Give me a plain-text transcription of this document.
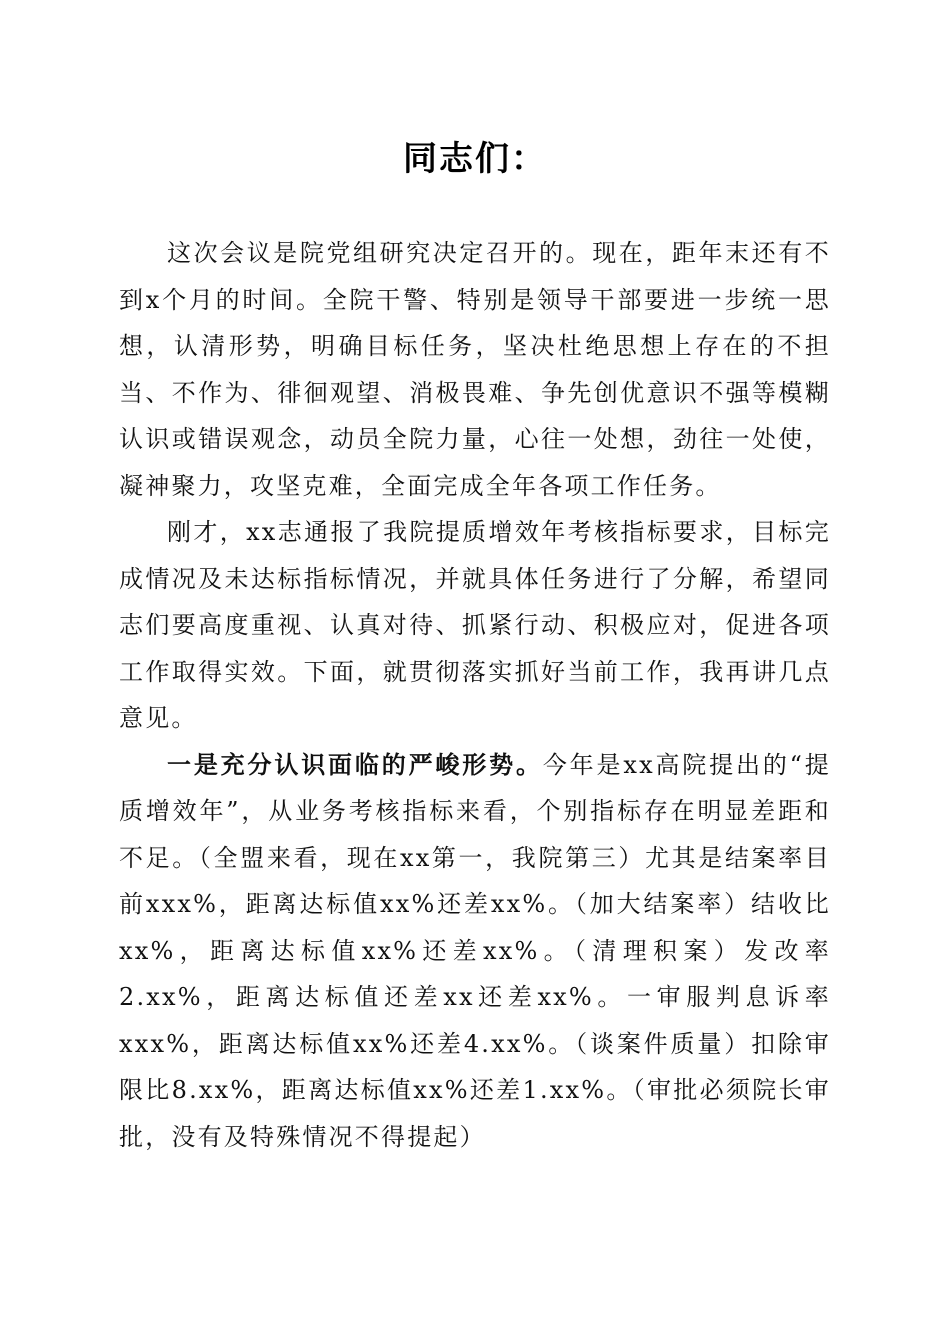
同志们：

这次会议是院党组研究决定召开的。现在，距年末还有不到x个月的时间。全院干警、特别是领导干部要进一步统一思想，认清形势，明确目标任务，坚决杜绝思想上存在的不担当、不作为、徘徊观望、消极畏难、争先创优意识不强等模糊认识或错误观念，动员全院力量，心往一处想，劲往一处使，凝神聚力，攻坚克难，全面完成全年各项工作任务。

刚才，xx志通报了我院提质增效年考核指标要求，目标完成情况及未达标指标情况，并就具体任务进行了分解，希望同志们要高度重视、认真对待、抓紧行动、积极应对，促进各项工作取得实效。下面，就贯彻落实抓好当前工作，我再讲几点意见。

一是充分认识面临的严峻形势。今年是xx高院提出的“提质增效年”，从业务考核指标来看，个别指标存在明显差距和不足。（全盟来看，现在xx第一，我院第三）尤其是结案率目前xxx%，距离达标值xx%还差xx%。（加大结案率）结收比xx%，距离达标值xx%还差xx%。（清理积案）发改率2.xx%，距离达标值还差xx还差xx%。一审服判息诉率xxx%，距离达标值xx%还差4.xx%。（谈案件质量）扣除审限比8.xx%，距离达标值xx%还差1.xx%。（审批必须院长审批，没有及特殊情况不得提起）
